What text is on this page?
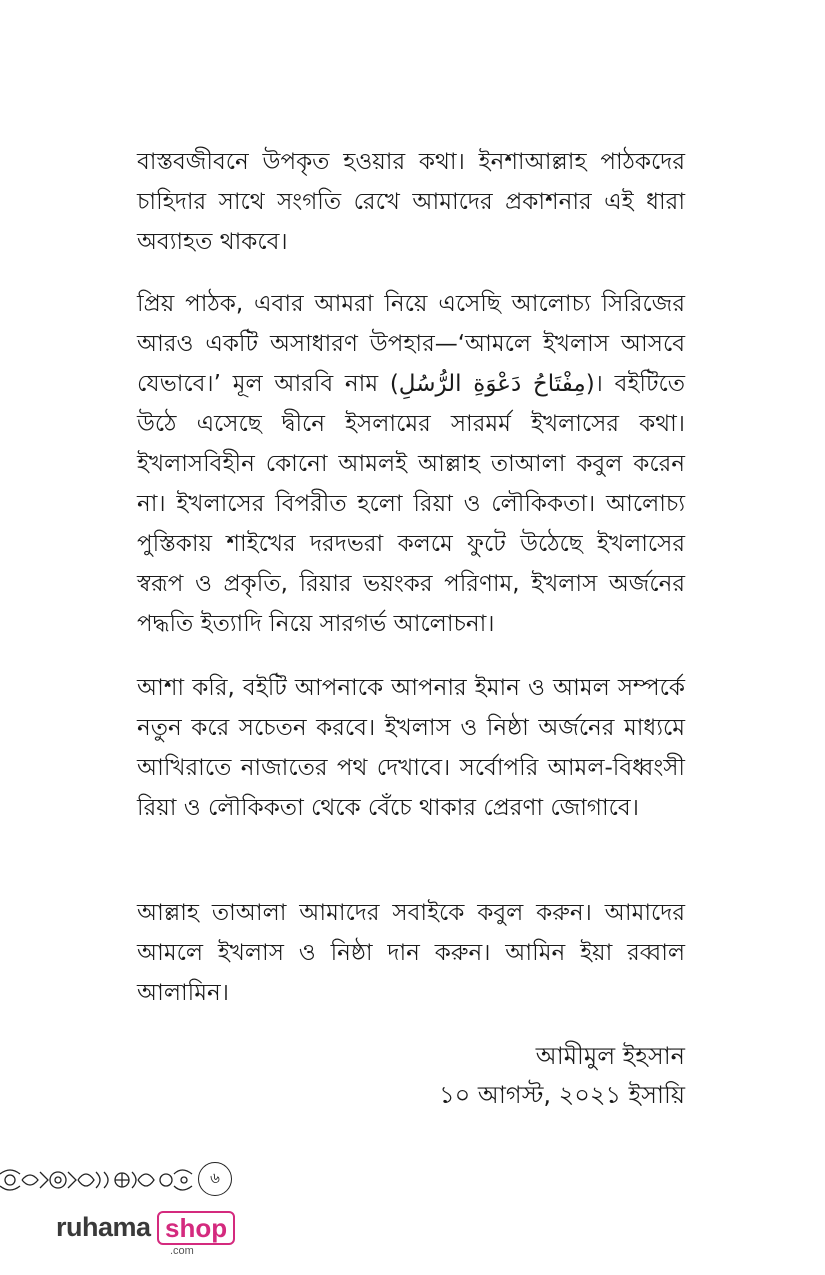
বাস্তবজীবনে উপকৃত হওয়ার কথা। ইনশাআল্লাহ পাঠকদের চাহিদার সাথে সংগতি রেখে আমাদের প্রকাশনার এই ধারা অব্যাহত থাকবে।

প্রিয় পাঠক, এবার আমরা নিয়ে এসেছি আলোচ্য সিরিজের আরও একটি অসাধারণ উপহার—‘আমলে ইখলাস আসবে যেভাবে।’ মূল আরবি নাম (مِفْتَاحُ دَعْوَةِ الرُّسُلِ)। বইটিতে উঠে এসেছে দ্বীনে ইসলামের সারমর্ম ইখলাসের কথা। ইখলাসবিহীন কোনো আমলই আল্লাহ তাআলা কবুল করেন না। ইখলাসের বিপরীত হলো রিয়া ও লৌকিকতা। আলোচ্য পুস্তিকায় শাইখের দরদভরা কলমে ফুটে উঠেছে ইখলাসের স্বরূপ ও প্রকৃতি, রিয়ার ভয়ংকর পরিণাম, ইখলাস অর্জনের পদ্ধতি ইত্যাদি নিয়ে সারগর্ভ আলোচনা।

আশা করি, বইটি আপনাকে আপনার ইমান ও আমল সম্পর্কে নতুন করে সচেতন করবে। ইখলাস ও নিষ্ঠা অর্জনের মাধ্যমে আখিরাতে নাজাতের পথ দেখাবে। সর্বোপরি আমল-বিধ্বংসী রিয়া ও লৌকিকতা থেকে বেঁচে থাকার প্রেরণা জোগাবে।

আল্লাহ তাআলা আমাদের সবাইকে কবুল করুন। আমাদের আমলে ইখলাস ও নিষ্ঠা দান করুন। আমিন ইয়া রব্বাল আলামিন।

আমীমুল ইহসান

১০ আগস্ট, ২০২১ ইসায়ি

৬
ruhama shop
.com
